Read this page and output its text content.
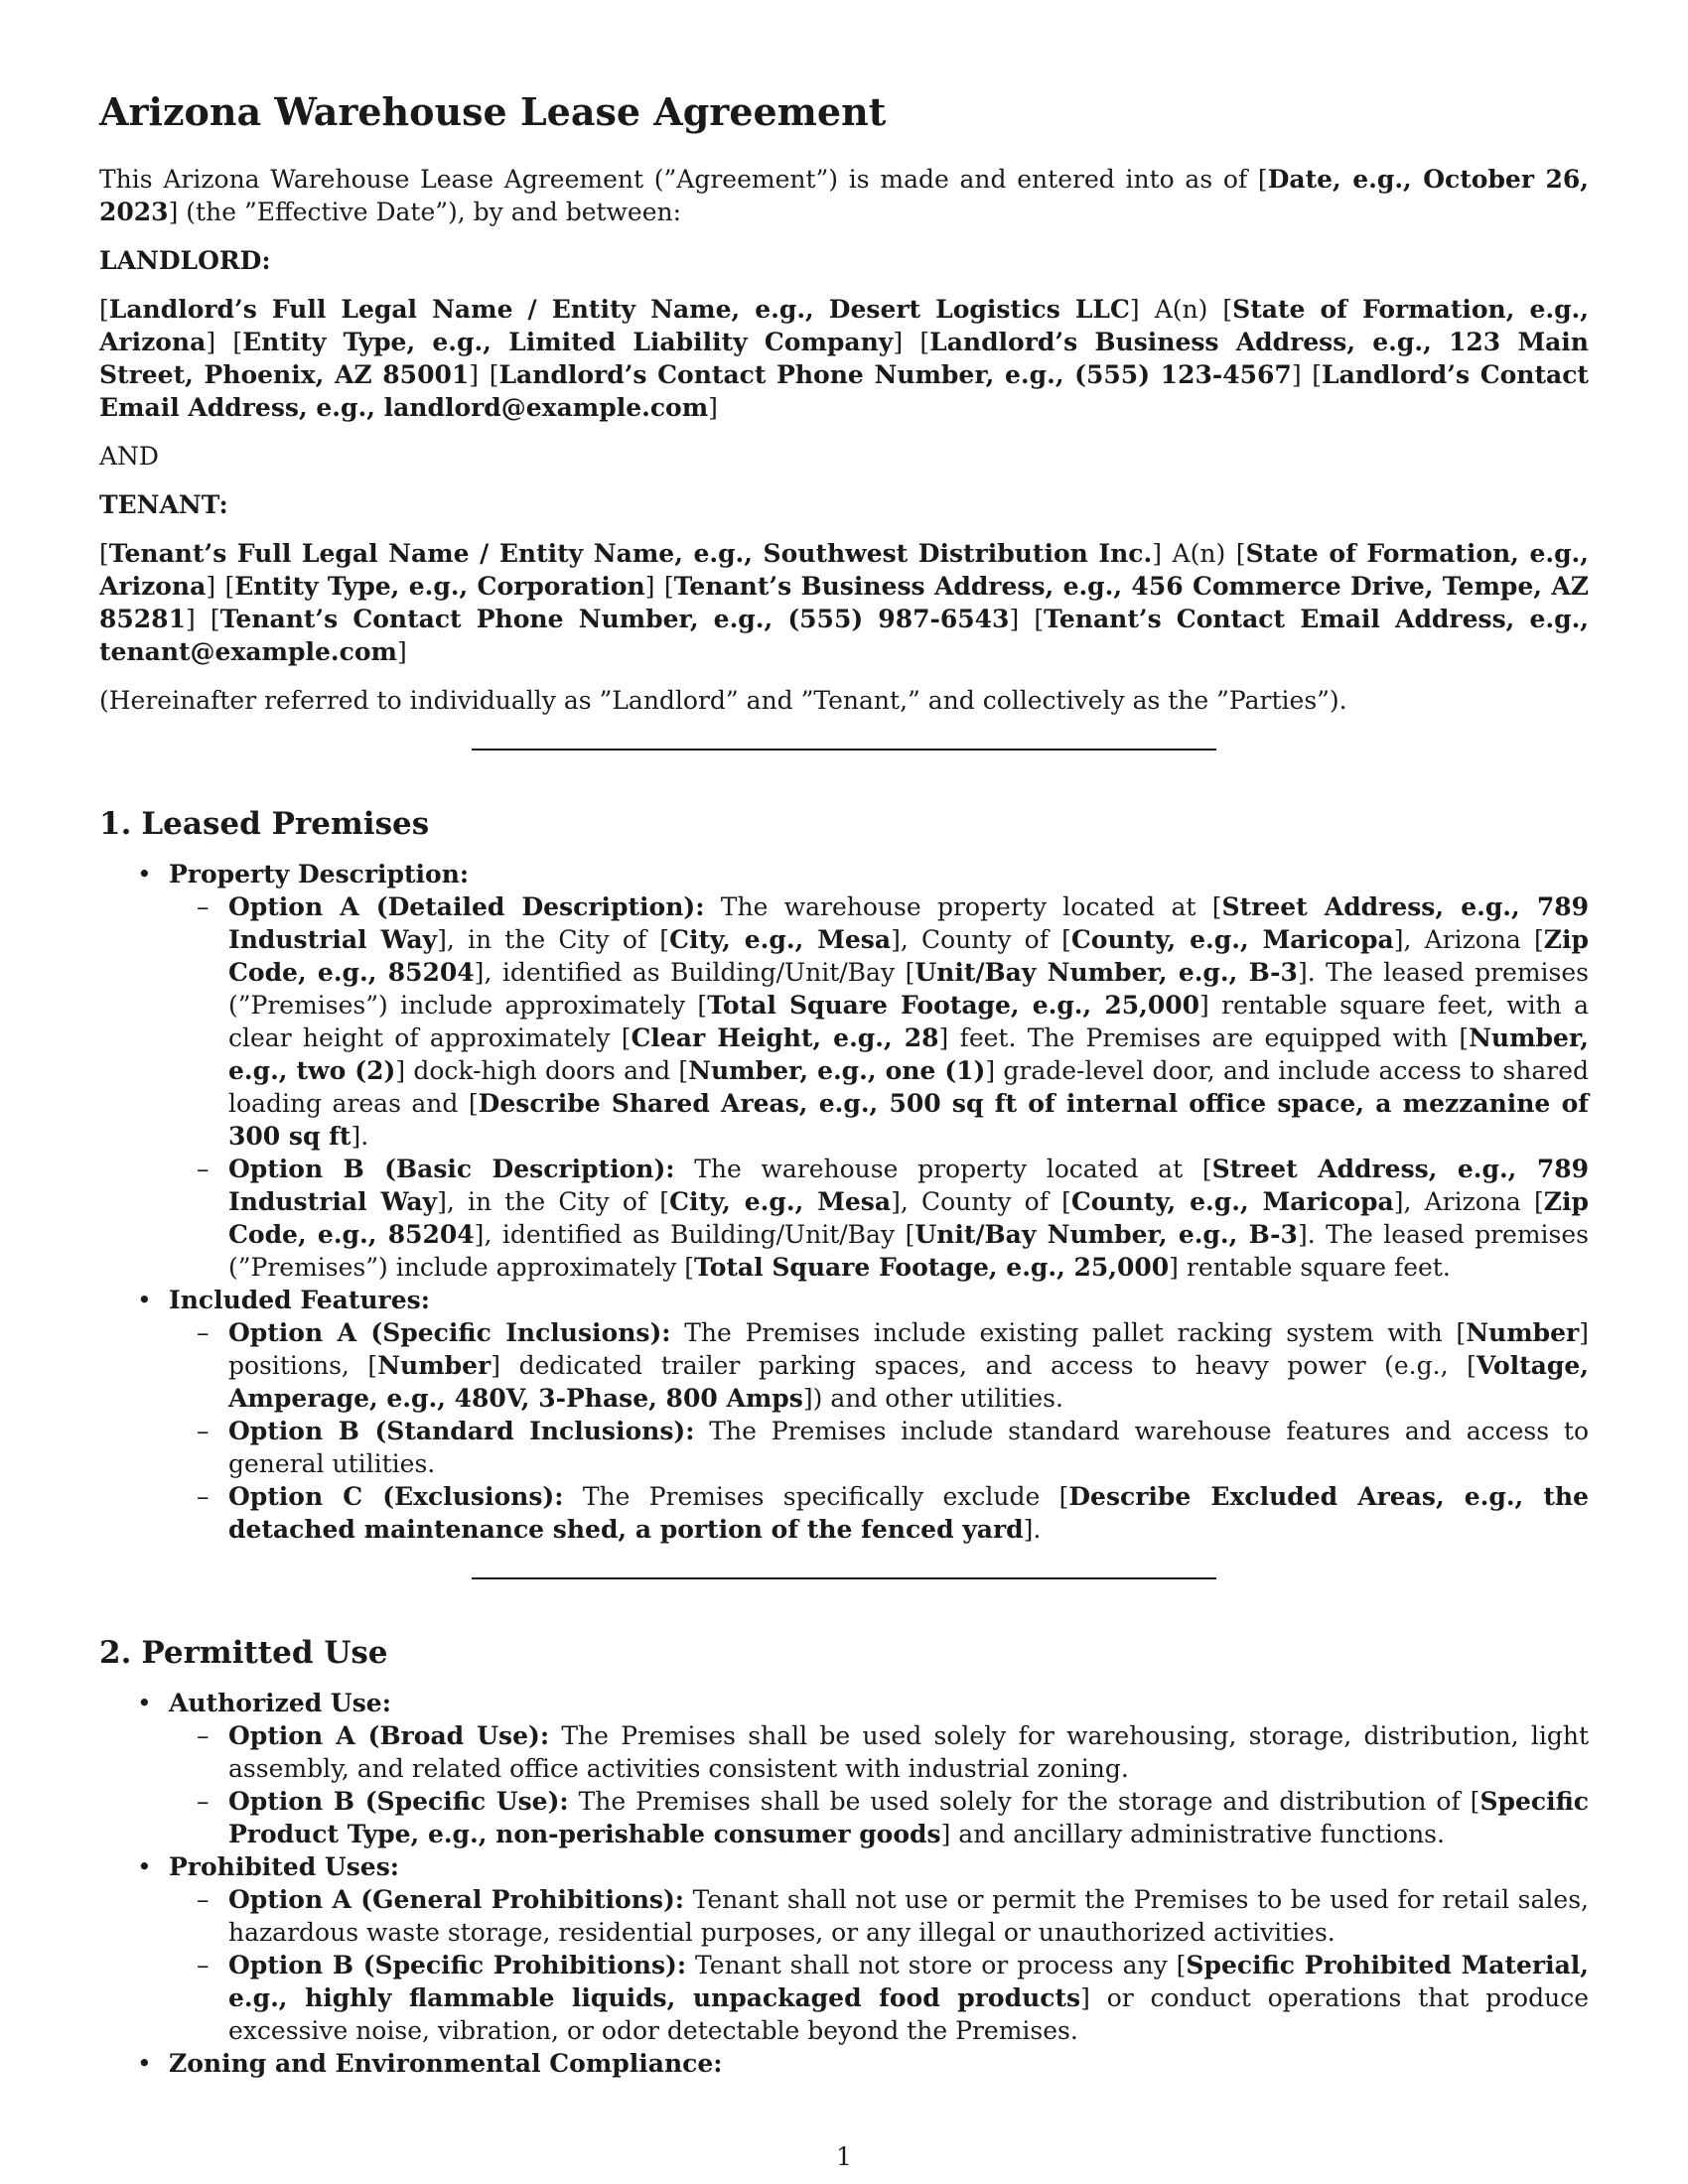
Arizona Warehouse Lease Agreement

This Arizona Warehouse Lease Agreement (”Agreement”) is made and entered into as of [Date, e.g., October 26, 2023] (the ”Effective Date”), by and between:

LANDLORD:
[Landlord’s Full Legal Name / Entity Name, e.g., Desert Logistics LLC] A(n) [State of Formation, e.g., Arizona] [Entity Type, e.g., Limited Liability Company] [Landlord’s Business Address, e.g., 123 Main Street, Phoenix, AZ 85001] [Landlord’s Contact Phone Number, e.g., (555) 123-4567] [Landlord’s Contact Email Address, e.g., landlord@example.com]

AND

TENANT:
[Tenant’s Full Legal Name / Entity Name, e.g., Southwest Distribution Inc.] A(n) [State of Formation, e.g., Arizona] [Entity Type, e.g., Corporation] [Tenant’s Business Address, e.g., 456 Commerce Drive, Tempe, AZ 85281] [Tenant’s Contact Phone Number, e.g., (555) 987-6543] [Tenant’s Contact Email Address, e.g., tenant@example.com]

(Hereinafter referred to individually as ”Landlord” and ”Tenant,” and collectively as the ”Parties”).

1. Leased Premises
• Property Description:
– Option A (Detailed Description): The warehouse property located at [Street Address, e.g., 789 Industrial Way], in the City of [City, e.g., Mesa], County of [County, e.g., Maricopa], Arizona [Zip Code, e.g., 85204], identified as Building/Unit/Bay [Unit/Bay Number, e.g., B-3]. The leased premises (”Premises”) include approximately [Total Square Footage, e.g., 25,000] rentable square feet, with a clear height of approximately [Clear Height, e.g., 28] feet. The Premises are equipped with [Number, e.g., two (2)] dock-high doors and [Number, e.g., one (1)] grade-level door, and include access to shared loading areas and [Describe Shared Areas, e.g., 500 sq ft of internal office space, a mezzanine of 300 sq ft].
– Option B (Basic Description): The warehouse property located at [Street Address, e.g., 789 Industrial Way], in the City of [City, e.g., Mesa], County of [County, e.g., Maricopa], Arizona [Zip Code, e.g., 85204], identified as Building/Unit/Bay [Unit/Bay Number, e.g., B-3]. The leased premises (”Premises”) include approximately [Total Square Footage, e.g., 25,000] rentable square feet.
• Included Features:
– Option A (Specific Inclusions): The Premises include existing pallet racking system with [Number] positions, [Number] dedicated trailer parking spaces, and access to heavy power (e.g., [Voltage, Amperage, e.g., 480V, 3-Phase, 800 Amps]) and other utilities.
– Option B (Standard Inclusions): The Premises include standard warehouse features and access to general utilities.
– Option C (Exclusions): The Premises specifically exclude [Describe Excluded Areas, e.g., the detached maintenance shed, a portion of the fenced yard].
2. Permitted Use
• Authorized Use:
– Option A (Broad Use): The Premises shall be used solely for warehousing, storage, distribution, light assembly, and related office activities consistent with industrial zoning.
– Option B (Specific Use): The Premises shall be used solely for the storage and distribution of [Specific Product Type, e.g., non-perishable consumer goods] and ancillary administrative functions.
• Prohibited Uses:
– Option A (General Prohibitions): Tenant shall not use or permit the Premises to be used for retail sales, hazardous waste storage, residential purposes, or any illegal or unauthorized activities.
– Option B (Specific Prohibitions): Tenant shall not store or process any [Specific Prohibited Material, e.g., highly flammable liquids, unpackaged food products] or conduct operations that produce excessive noise, vibration, or odor detectable beyond the Premises.
• Zoning and Environmental Compliance:
1
